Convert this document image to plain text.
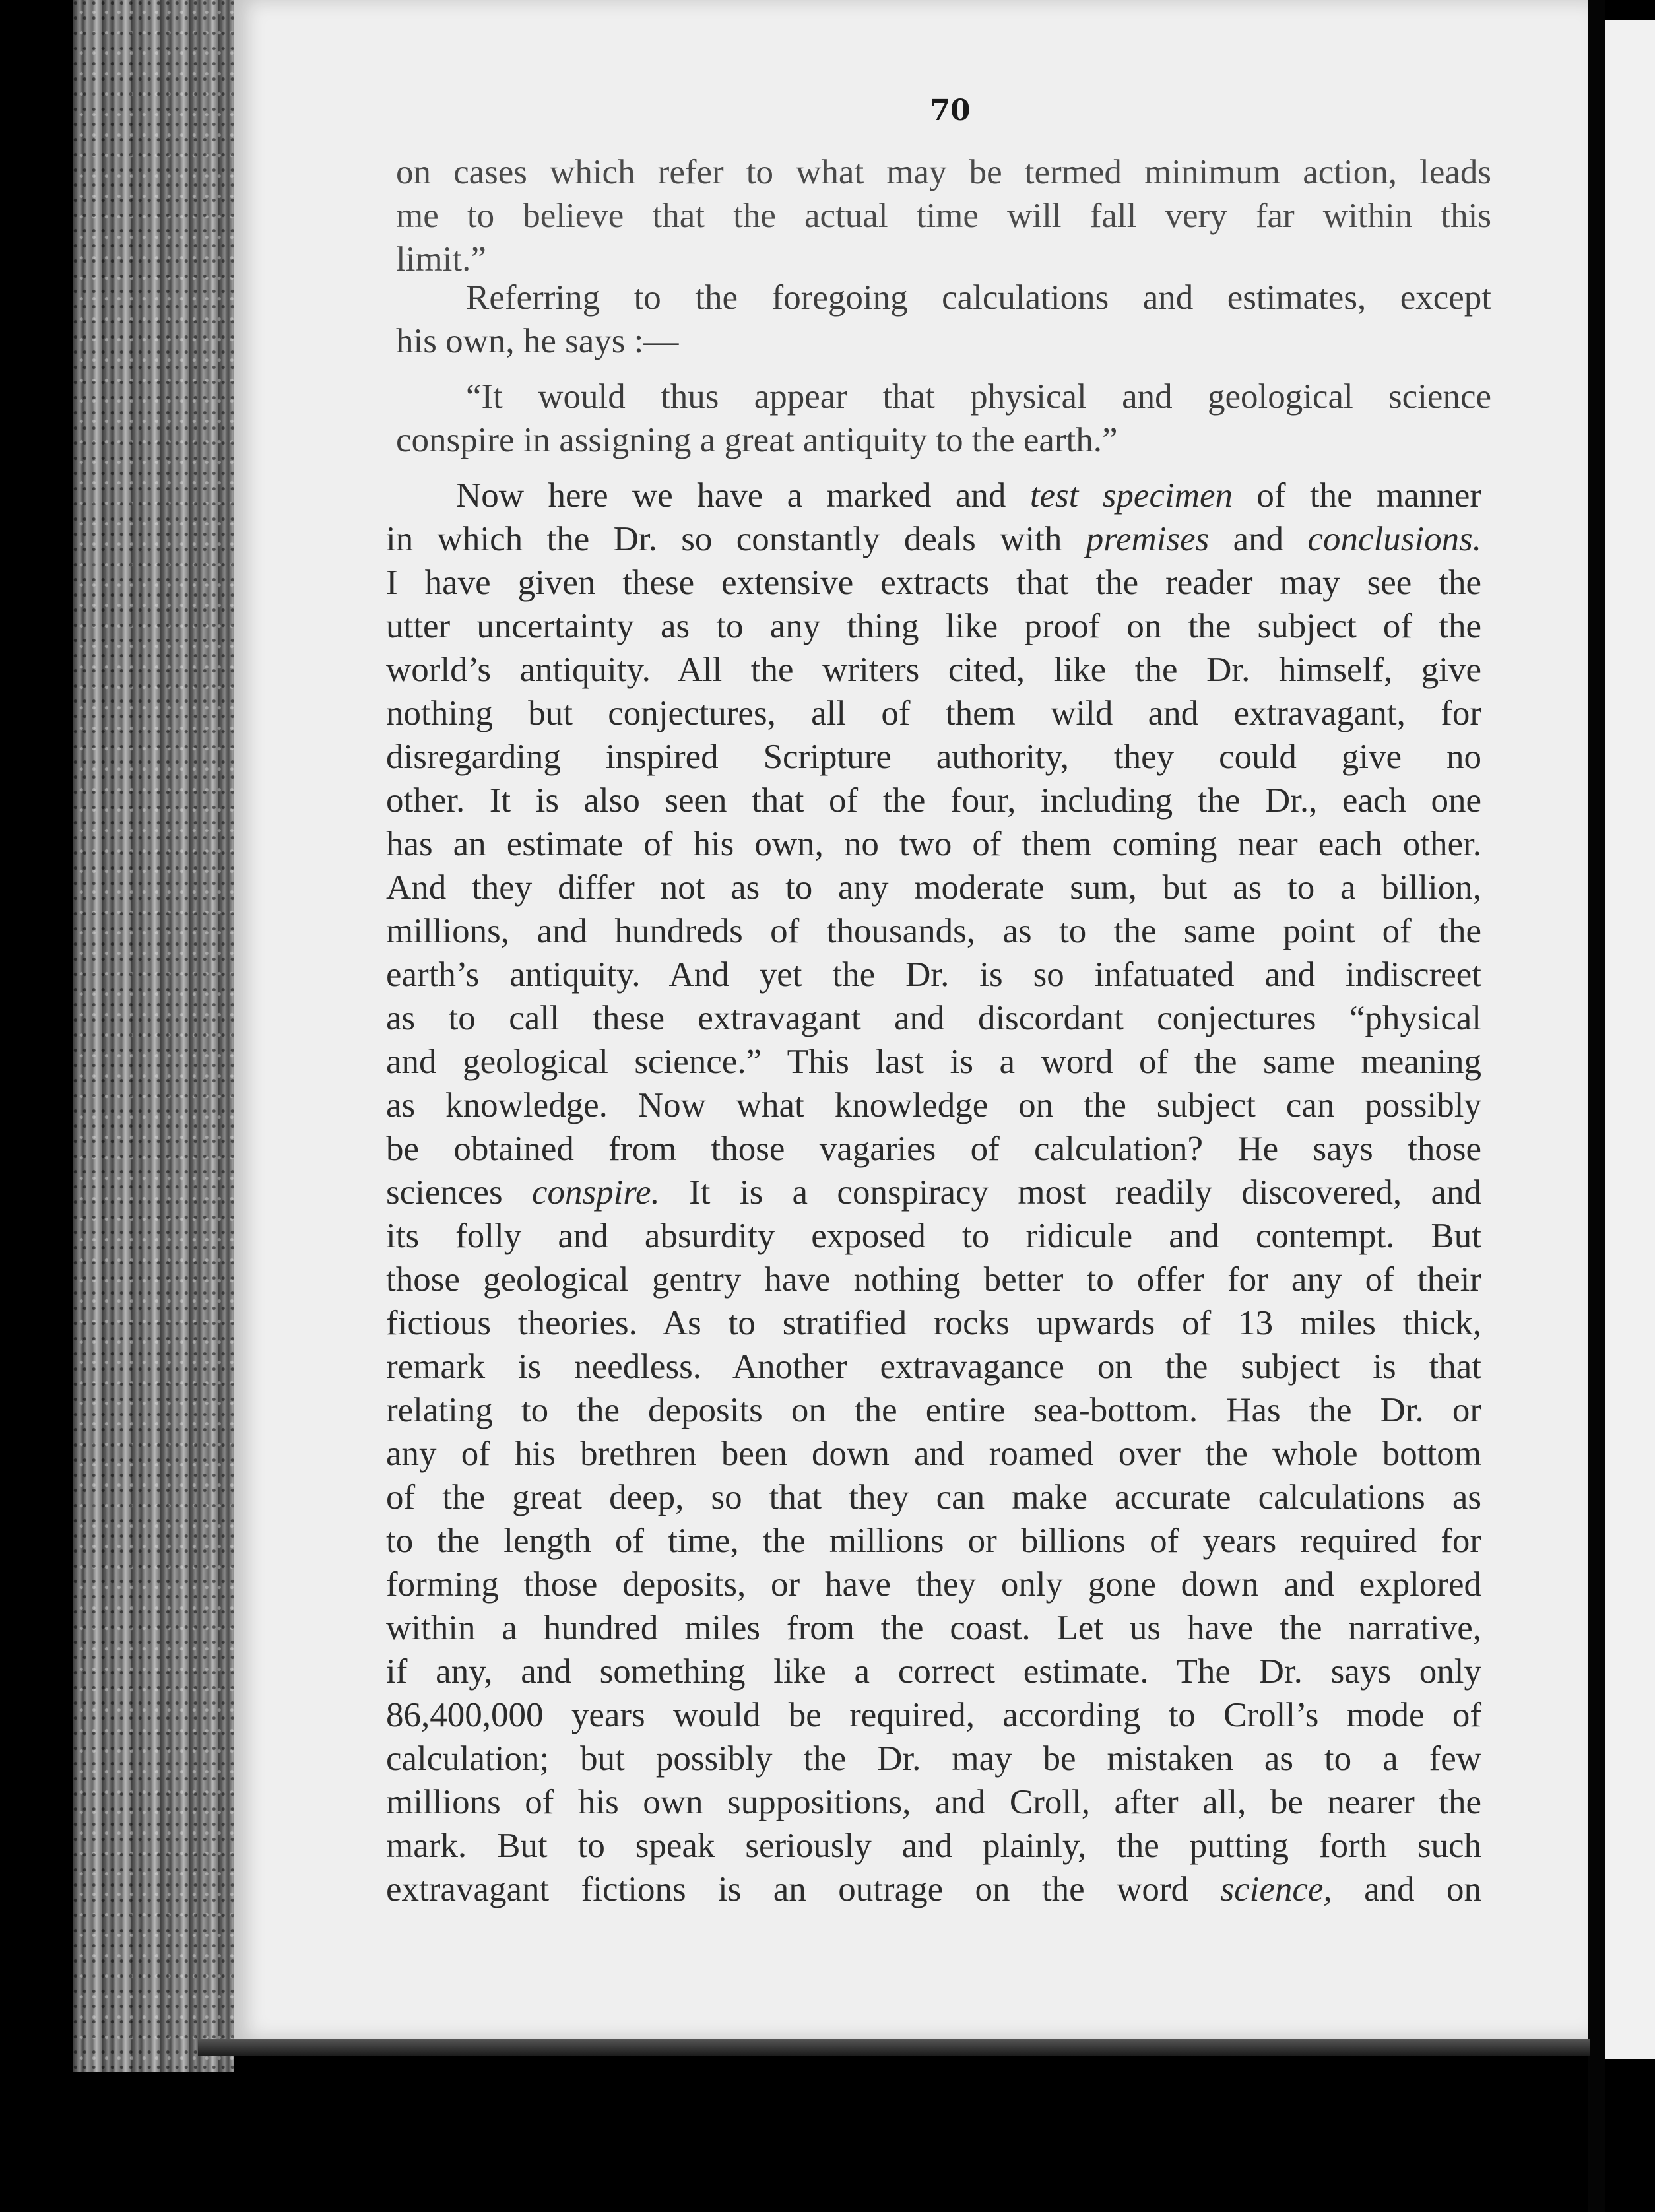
70
on cases which refer to what may be termed minimum action, leads
me to believe that the actual time will fall very far within this
limit.”
  Referring to the foregoing calculations and estimates, except
his own, he says :—
  “It would thus appear that physical and geological science
conspire in assigning a great antiquity to the earth.”
  Now here we have a marked and test specimen of the manner
in which the Dr. so constantly deals with premises and conclusions.
I have given these extensive extracts that the reader may see the
utter uncertainty as to any thing like proof on the subject of the
world’s antiquity. All the writers cited, like the Dr. himself, give
nothing but conjectures, all of them wild and extravagant, for
disregarding inspired Scripture authority, they could give no
other. It is also seen that of the four, including the Dr., each one
has an estimate of his own, no two of them coming near each other.
And they differ not as to any moderate sum, but as to a billion,
millions, and hundreds of thousands, as to the same point of the
earth’s antiquity. And yet the Dr. is so infatuated and indiscreet
as to call these extravagant and discordant conjectures “physical
and geological science.” This last is a word of the same meaning
as knowledge. Now what knowledge on the subject can possibly
be obtained from those vagaries of calculation? He says those
sciences conspire. It is a conspiracy most readily discovered, and
its folly and absurdity exposed to ridicule and contempt. But
those geological gentry have nothing better to offer for any of their
fictious theories. As to stratified rocks upwards of 13 miles thick,
remark is needless. Another extravagance on the subject is that
relating to the deposits on the entire sea-bottom. Has the Dr. or
any of his brethren been down and roamed over the whole bottom
of the great deep, so that they can make accurate calculations as
to the length of time, the millions or billions of years required for
forming those deposits, or have they only gone down and explored
within a hundred miles from the coast. Let us have the narrative,
if any, and something like a correct estimate. The Dr. says only
86,400,000 years would be required, according to Croll’s mode of
calculation; but possibly the Dr. may be mistaken as to a few
millions of his own suppositions, and Croll, after all, be nearer the
mark. But to speak seriously and plainly, the putting forth such
extravagant fictions is an outrage on the word science, and on
